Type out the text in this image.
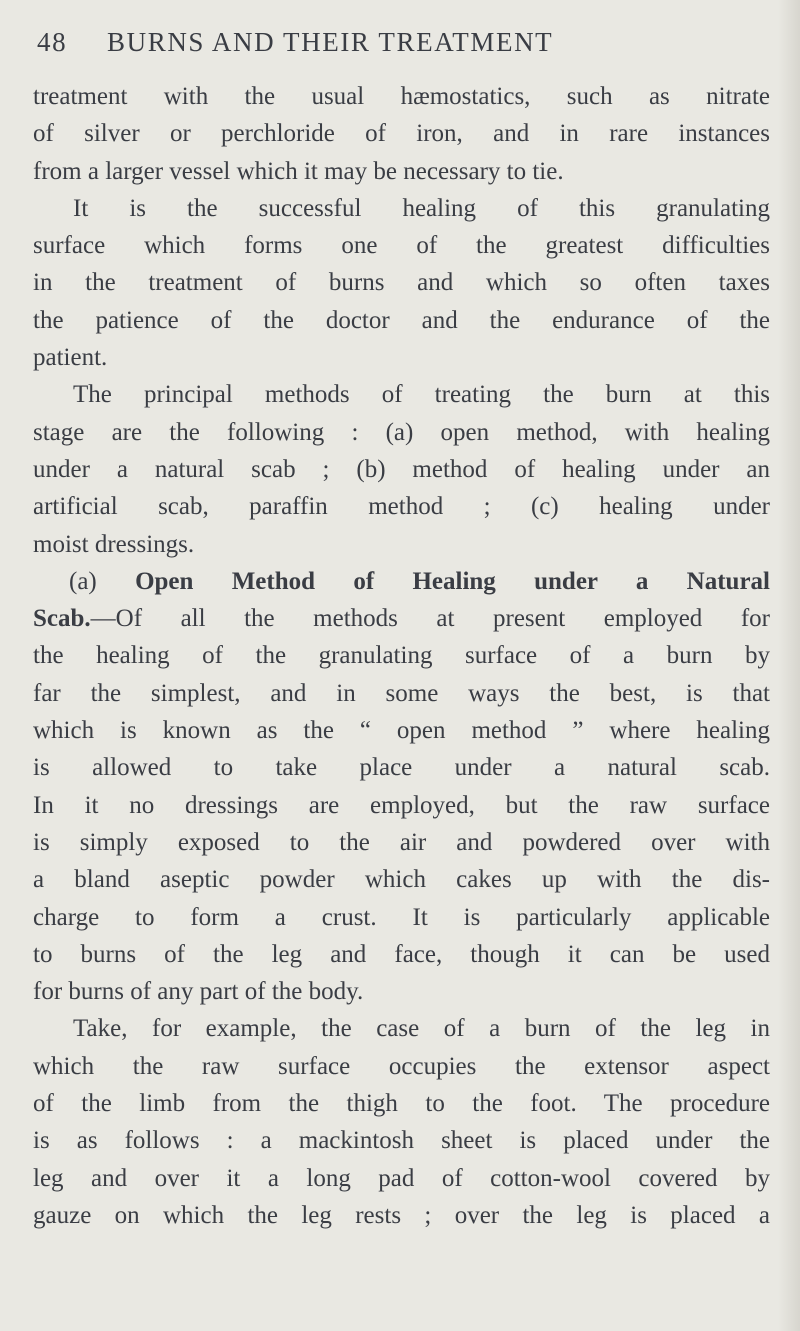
48 BURNS AND THEIR TREATMENT
treatment with the usual hæmostatics, such as nitrate
of silver or perchloride of iron, and in rare instances
from a larger vessel which it may be necessary to tie.
It is the successful healing of this granulating
surface which forms one of the greatest difficulties
in the treatment of burns and which so often taxes
the patience of the doctor and the endurance of the
patient.
The principal methods of treating the burn at this
stage are the following : (a) open method, with healing
under a natural scab ; (b) method of healing under an
artificial scab, paraffin method ; (c) healing under
moist dressings.
(a) Open Method of Healing under a Natural
Scab.—Of all the methods at present employed for
the healing of the granulating surface of a burn by
far the simplest, and in some ways the best, is that
which is known as the “ open method ” where healing
is allowed to take place under a natural scab.
In it no dressings are employed, but the raw surface
is simply exposed to the air and powdered over with
a bland aseptic powder which cakes up with the dis-
charge to form a crust. It is particularly applicable
to burns of the leg and face, though it can be used
for burns of any part of the body.
Take, for example, the case of a burn of the leg in
which the raw surface occupies the extensor aspect
of the limb from the thigh to the foot. The procedure
is as follows : a mackintosh sheet is placed under the
leg and over it a long pad of cotton-wool covered by
gauze on which the leg rests ; over the leg is placed a
